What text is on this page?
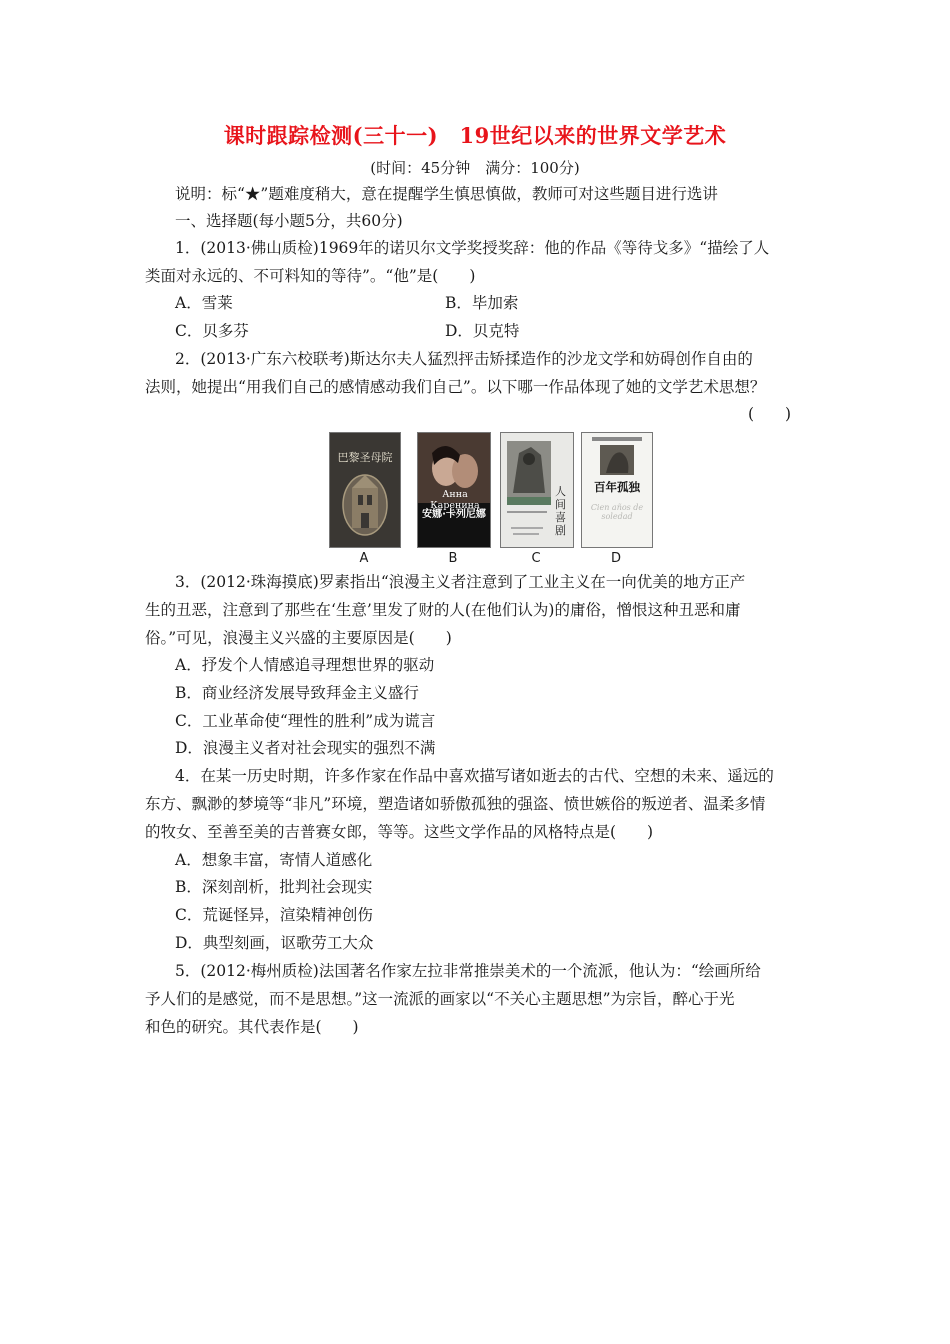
课时跟踪检测(三十一)　19世纪以来的世界文学艺术
(时间：45分钟　满分：100分)
说明：标“★”题难度稍大，意在提醒学生慎思慎做，教师可对这些题目进行选讲
一、选择题(每小题5分，共60分)
1．(2013·佛山质检)1969年的诺贝尔文学奖授奖辞：他的作品《等待戈多》“描绘了人
类面对永远的、不可料知的等待”。“他”是(　　)
A．雪莱	B．毕加索
C．贝多芬	D．贝克特
2．(2013·广东六校联考)斯达尔夫人猛烈抨击矫揉造作的沙龙文学和妨碍创作自由的
法则，她提出“用我们自己的感情感动我们自己”。以下哪一作品体现了她的文学艺术思想？
(　　)
巴黎圣母院
Анна Каренина
安娜·卡列尼娜
人间喜剧
百年孤独
Cien años de soledad
A	B	C	D
3．(2012·珠海摸底)罗素指出“浪漫主义者注意到了工业主义在一向优美的地方正产
生的丑恶，注意到了那些在‘生意’里发了财的人(在他们认为)的庸俗，憎恨这种丑恶和庸
俗。”可见，浪漫主义兴盛的主要原因是(　　)
A．抒发个人情感追寻理想世界的驱动
B．商业经济发展导致拜金主义盛行
C．工业革命使“理性的胜利”成为谎言
D．浪漫主义者对社会现实的强烈不满
4．在某一历史时期，许多作家在作品中喜欢描写诸如逝去的古代、空想的未来、遥远的
东方、飘渺的梦境等“非凡”环境，塑造诸如骄傲孤独的强盗、愤世嫉俗的叛逆者、温柔多情
的牧女、至善至美的吉普赛女郎，等等。这些文学作品的风格特点是(　　)
A．想象丰富，寄情人道感化
B．深刻剖析，批判社会现实
C．荒诞怪异，渲染精神创伤
D．典型刻画，讴歌劳工大众
5．(2012·梅州质检)法国著名作家左拉非常推崇美术的一个流派，他认为：“绘画所给
予人们的是感觉，而不是思想。”这一流派的画家以“不关心主题思想”为宗旨，醉心于光
和色的研究。其代表作是(　　)
